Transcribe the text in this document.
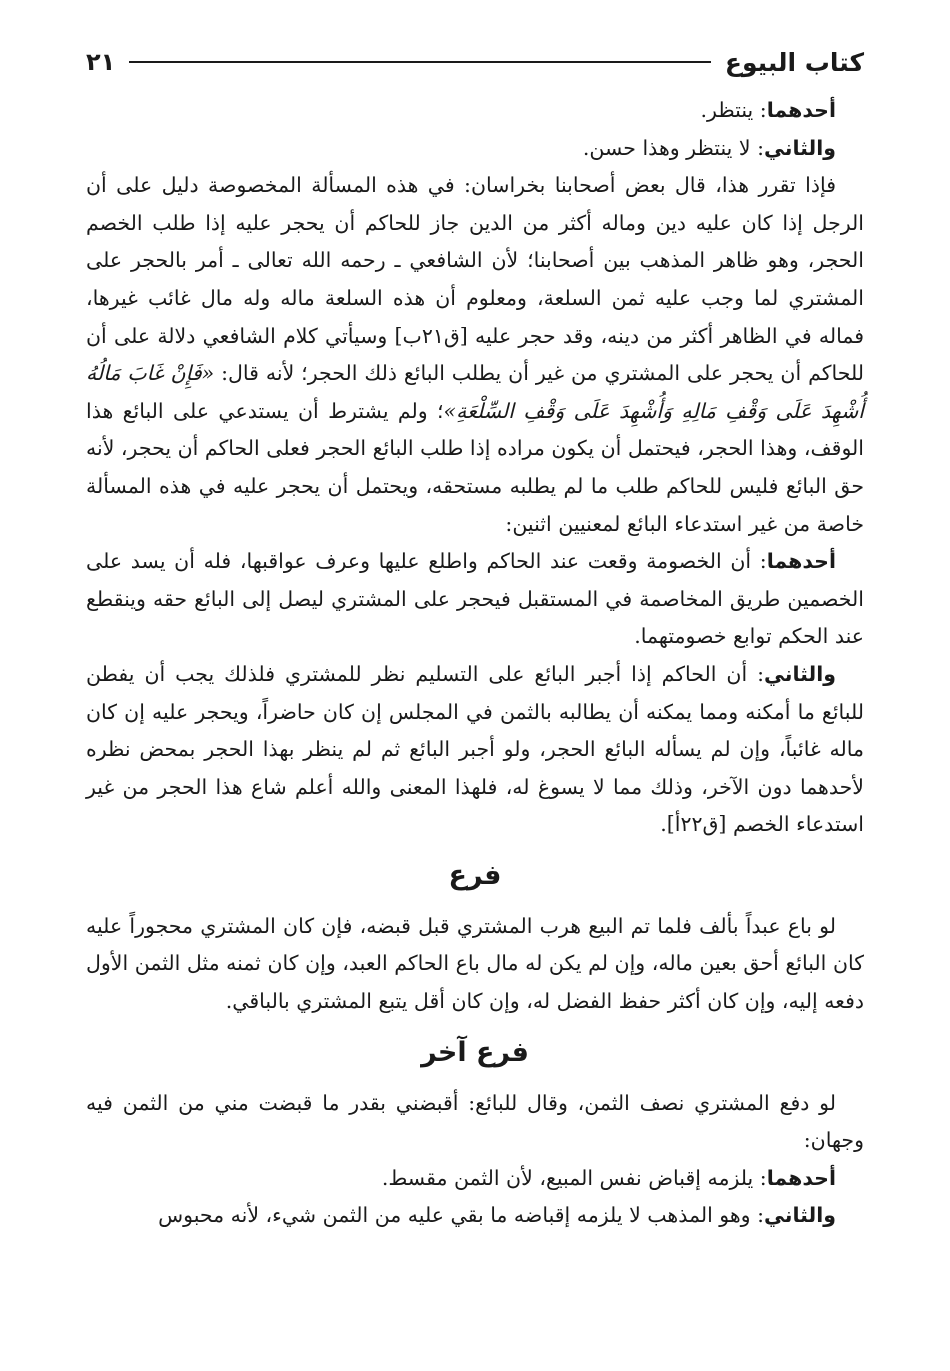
كتاب البيوع
٢١

أحدهما: ينتظر.

والثاني: لا ينتظر وهذا حسن.

فإذا تقرر هذا، قال بعض أصحابنا بخراسان: في هذه المسألة المخصوصة دليل على أن الرجل إذا كان عليه دين وماله أكثر من الدين جاز للحاكم أن يحجر عليه إذا طلب الخصم الحجر، وهو ظاهر المذهب بين أصحابنا؛ لأن الشافعي ـ رحمه الله تعالى ـ أمر بالحجر على المشتري لما وجب عليه ثمن السلعة، ومعلوم أن هذه السلعة ماله وله مال غائب غيرها، فماله في الظاهر أكثر من دينه، وقد حجر عليه [ق٢١ب] وسيأتي كلام الشافعي دلالة على أن للحاكم أن يحجر على المشتري من غير أن يطلب البائع ذلك الحجر؛ لأنه قال: «فَإِنْ غَابَ مَالُهُ أُشْهِدَ عَلَى وَقْفِ مَالِهِ وَأُشْهِدَ عَلَى وَقْفِ السِّلْعَةِ»؛ ولم يشترط أن يستدعي على البائع هذا الوقف، وهذا الحجر، فيحتمل أن يكون مراده إذا طلب البائع الحجر فعلى الحاكم أن يحجر، لأنه حق البائع فليس للحاكم طلب ما لم يطلبه مستحقه، ويحتمل أن يحجر عليه في هذه المسألة خاصة من غير استدعاء البائع لمعنيين اثنين:

أحدهما: أن الخصومة وقعت عند الحاكم واطلع عليها وعرف عواقبها، فله أن يسد على الخصمين طريق المخاصمة في المستقبل فيحجر على المشتري ليصل إلى البائع حقه وينقطع عند الحكم توابع خصومتهما.

والثاني: أن الحاكم إذا أجبر البائع على التسليم نظر للمشتري فلذلك يجب أن يفطن للبائع ما أمكنه ومما يمكنه أن يطالبه بالثمن في المجلس إن كان حاضراً، ويحجر عليه إن كان ماله غائباً، وإن لم يسأله البائع الحجر، ولو أجبر البائع ثم لم ينظر بهذا الحجر بمحض نظره لأحدهما دون الآخر، وذلك مما لا يسوغ له، فلهذا المعنى والله أعلم شاع هذا الحجر من غير استدعاء الخصم [ق٢٢أ].

فرع

لو باع عبداً بألف فلما تم البيع هرب المشتري قبل قبضه، فإن كان المشتري محجوراً عليه كان البائع أحق بعين ماله، وإن لم يكن له مال باع الحاكم العبد، وإن كان ثمنه مثل الثمن الأول دفعه إليه، وإن كان أكثر حفظ الفضل له، وإن كان أقل يتبع المشتري بالباقي.

فرع آخر

لو دفع المشتري نصف الثمن، وقال للبائع: أقبضني بقدر ما قبضت مني من الثمن فيه وجهان:

أحدهما: يلزمه إقباض نفس المبيع، لأن الثمن مقسط.

والثاني: وهو المذهب لا يلزمه إقباضه ما بقي عليه من الثمن شيء، لأنه محبوس
